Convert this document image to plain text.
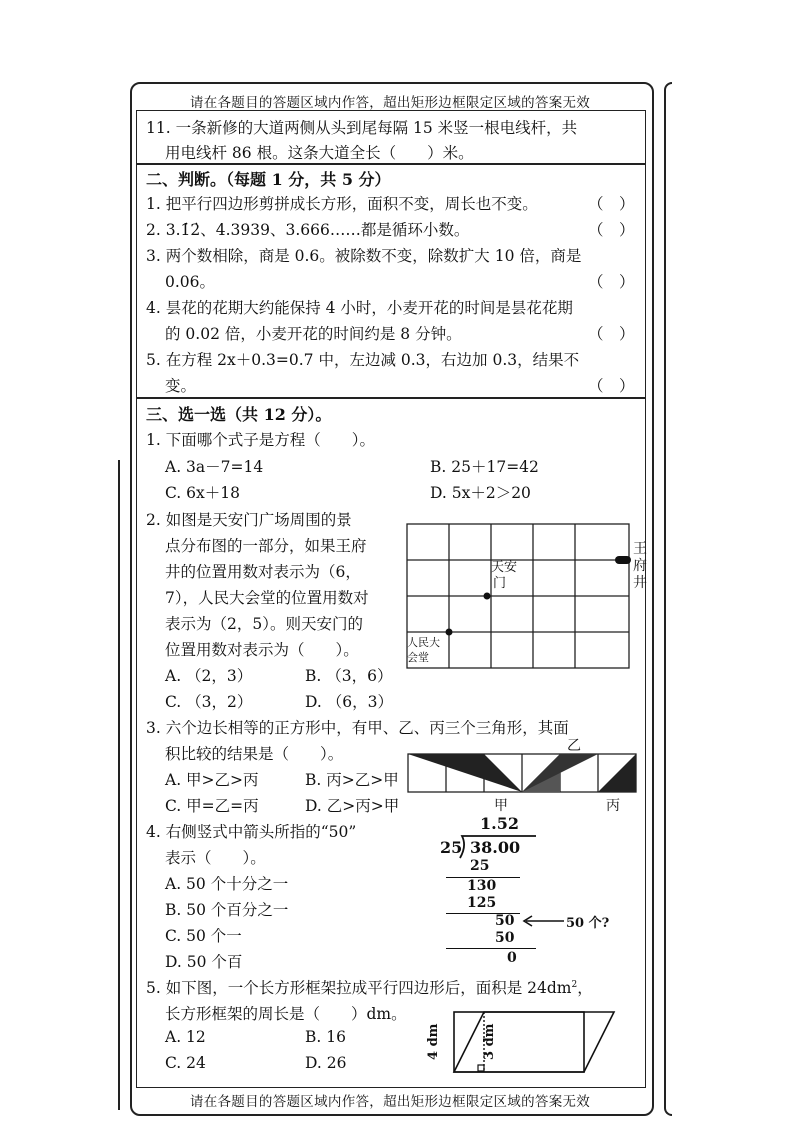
请在各题目的答题区域内作答，超出矩形边框限定区域的答案无效
11. 一条新修的大道两侧从头到尾每隔 15 米竖一根电线杆，共
用电线杆 86 根。这条大道全长（　　）米。
二、判断。（每题 1 分，共 5 分）
1. 把平行四边形剪拼成长方形，面积不变，周长也不变。	（　）
2. 3.1̇2̇、4.3939、3.666……都是循环小数。	（　）
3. 两个数相除，商是 0.6。被除数不变，除数扩大 10 倍，商是
0.06。	（　）
4. 昙花的花期大约能保持 4 小时，小麦开花的时间是昙花花期
的 0.02 倍，小麦开花的时间约是 8 分钟。	（　）
5. 在方程 2x＋0.3=0.7 中，左边减 0.3，右边加 0.3，结果不
变。	（　）
三、选一选（共 12 分）。
1. 下面哪个式子是方程（　　）。
A. 3a－7=14	B. 25＋17=42
C. 6x＋18	D. 5x＋2＞20
2. 如图是天安门广场周围的景
点分布图的一部分，如果王府
井的位置用数对表示为（6，
7），人民大会堂的位置用数对
表示为（2，5）。则天安门的
位置用数对表示为（　　）。
A. （2，3）	B. （3，6）
C. （3，2）	D. （6，3）
天安
门
人民大
会堂
王
府
井
3. 六个边长相等的正方形中，有甲、乙、丙三个三角形，其面
积比较的结果是（　　）。
A. 甲>乙>丙	B. 丙>乙>甲
C. 甲=乙=丙	D. 乙>丙>甲
乙
甲	丙
4. 右侧竖式中箭头所指的“50”
表示（　　）。
A. 50 个十分之一
B. 50 个百分之一
C. 50 个一
D. 50 个百
1.52
25 38.00
25
130
125
50
50
0
50 个?
5. 如下图，一个长方形框架拉成平行四边形后，面积是 $24dm^2$，
长方形框架的周长是（　　）dm。
A. 12	B. 16
C. 24	D. 26
4 dm	3 dm
请在各题目的答题区域内作答，超出矩形边框限定区域的答案无效
